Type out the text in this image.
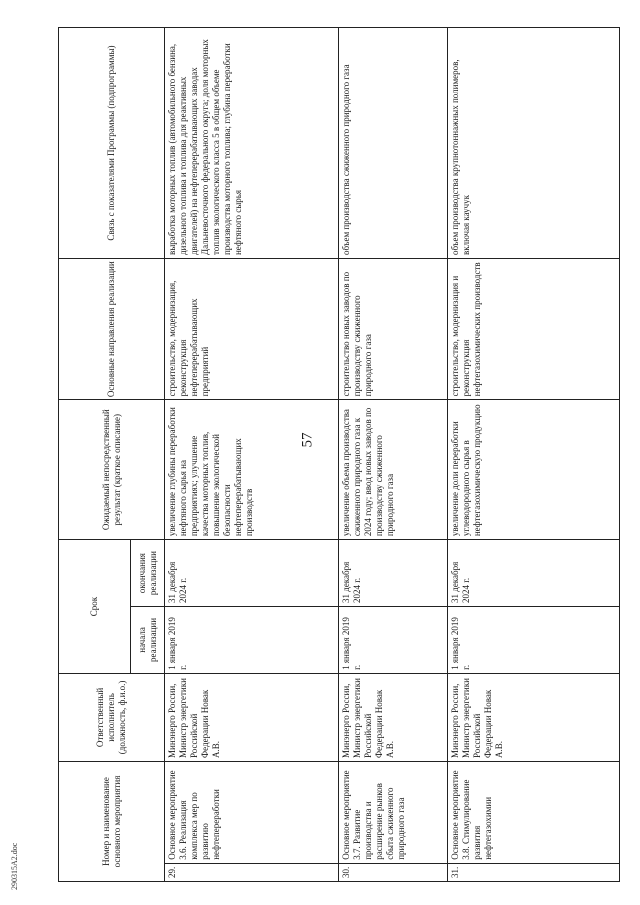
57
Номер и наименование основного мероприятия		Ответственный исполнитель (должность, ф.и.о.)	Срок		Ожидаемый непосредственный результат (краткое описание)	Основные направления реализации	Связь с показателями Программы (подпрограммы)
			начала реализации	окончания реализации			
29.	Основное мероприятие 3.6. Реализация комплекса мер по развитию нефтепереработки	Минэнерго России, Министр энергетики Российской Федерации Новак А.В.	1 января 2019 г.	31 декабря 2024 г.	увеличение глубины переработки нефтяного сырья на предприятиях; улучшение качества моторных топлив, повышение экологической безопасности нефтеперерабатывающих производств	строительство, модернизация, реконструкция нефтеперерабатывающих предприятий	выработка моторных топлив (автомобильного бензина, дизельного топлива и топлива для реактивных двигателей) на нефтеперерабатывающих заводах Дальневосточного федерального округа; доля моторных топлив экологического класса 5 в общем объеме производства моторного топлива; глубина переработки нефтяного сырья
30.	Основное мероприятие 3.7. Развитие производства и расширение рынков сбыта сжиженного природного газа	Минэнерго России, Министр энергетики Российской Федерации Новак А.В.	1 января 2019 г.	31 декабря 2024 г.	увеличение объема производства сжиженного природного газа к 2024 году; ввод новых заводов по производству сжиженного природного газа	строительство новых заводов по производству сжиженного природного газа	объем производства сжиженного природного газа
31.	Основное мероприятие 3.8. Стимулирование развития нефтегазохимии	Минэнерго России, Министр энергетики Российской Федерации Новак А.В.	1 января 2019 г.	31 декабря 2024 г.	увеличение доли переработки углеводородного сырья в нефтегазохимическую продукцию	строительство, модернизация и реконструкция нефтегазохимических производств	объем производства крупнотоннажных полимеров, включая каучук
290315A2.doc
